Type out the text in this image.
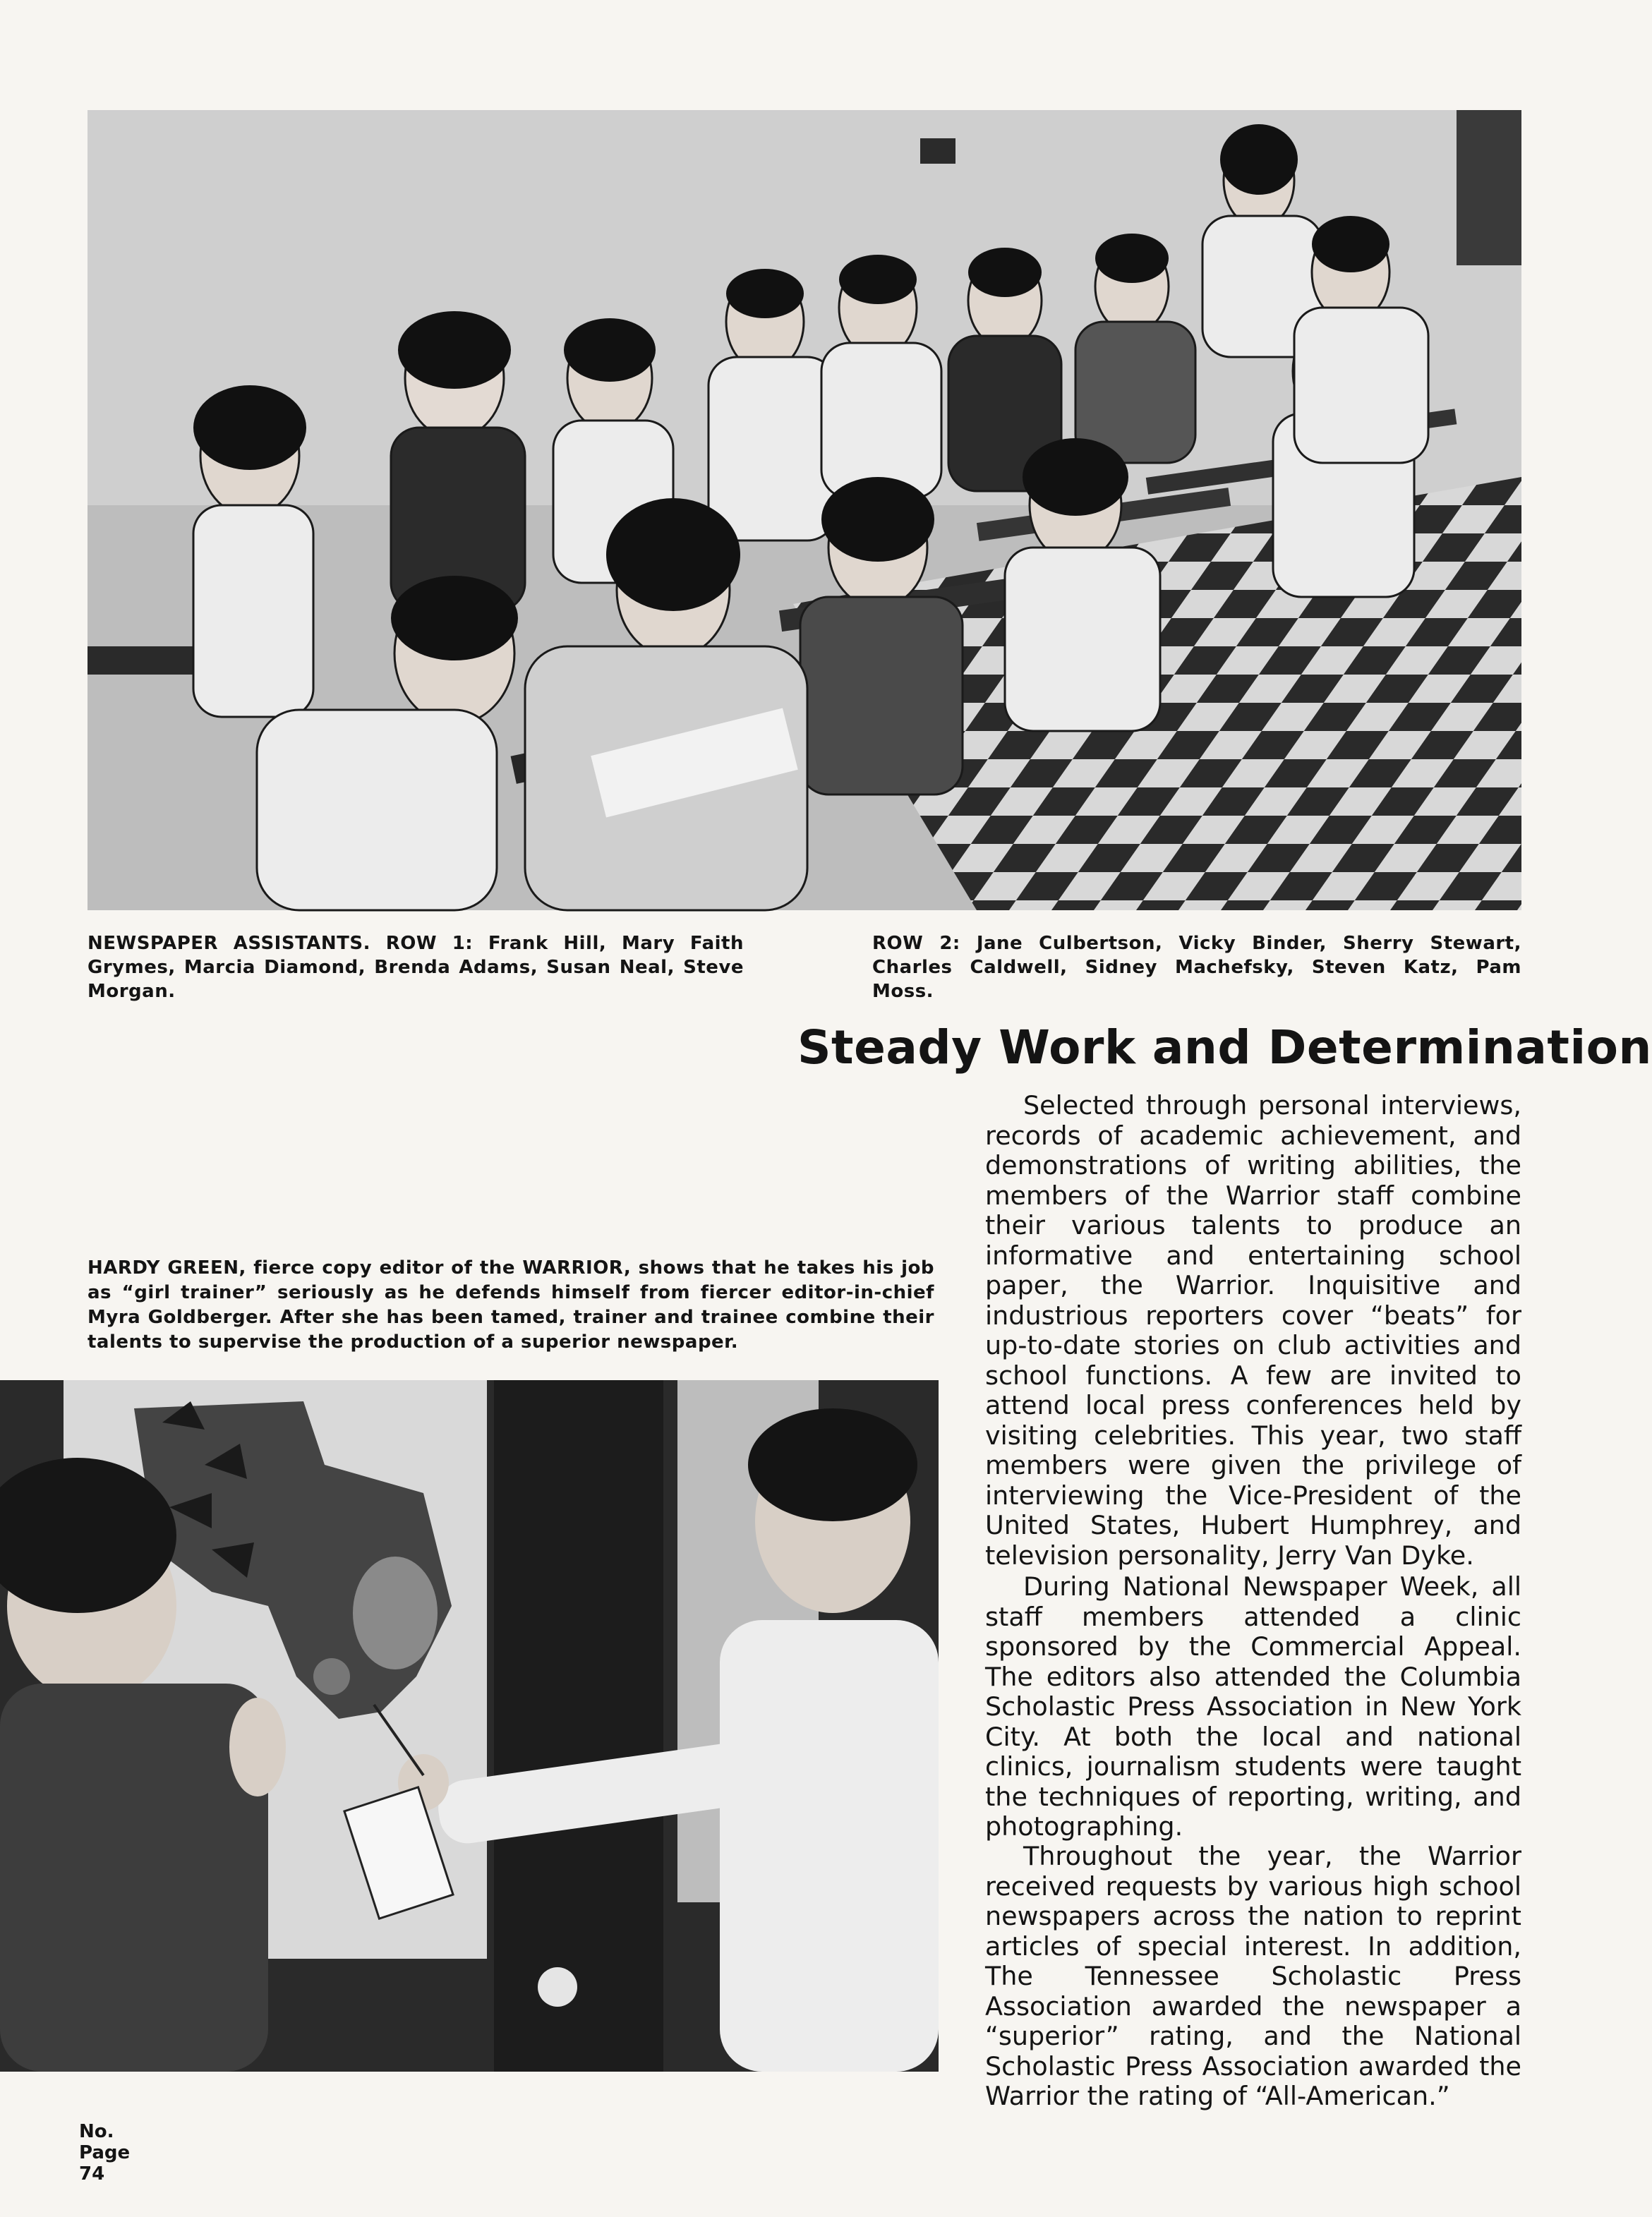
NEWSPAPER ASSISTANTS. ROW 1: Frank Hill, Mary Faith Grymes, Marcia Diamond, Brenda Adams, Susan Neal, Steve Morgan.

ROW 2: Jane Culbertson, Vicky Binder, Sherry Stewart, Charles Caldwell, Sidney Machefsky, Steven Katz, Pam Moss.

Steady Work and Determination

HARDY GREEN, fierce copy editor of the WARRIOR, shows that he takes his job as “girl trainer” seriously as he defends himself from fiercer editor-in-chief Myra Goldberger. After she has been tamed, trainer and trainee combine their talents to supervise the production of a superior newspaper.

Selected through personal interviews, records of academic achievement, and demonstrations of writing abilities, the members of the Warrior staff combine their various talents to produce an informative and entertaining school paper, the Warrior. Inquisitive and industrious reporters cover “beats” for up-to-date stories on club activities and school functions. A few are invited to attend local press conferences held by visiting celebrities. This year, two staff members were given the privilege of interviewing the Vice-President of the United States, Hubert Humphrey, and television personality, Jerry Van Dyke.

During National Newspaper Week, all staff members attended a clinic sponsored by the Commercial Appeal. The editors also attended the Columbia Scholastic Press Association in New York City. At both the local and national clinics, journalism students were taught the techniques of reporting, writing, and photographing.

Throughout the year, the Warrior received requests by various high school newspapers across the nation to reprint articles of special interest. In addition, The Tennessee Scholastic Press Association awarded the newspaper a “superior” rating, and the National Scholastic Press Association awarded the Warrior the rating of “All-American.”

No.
Page
74
